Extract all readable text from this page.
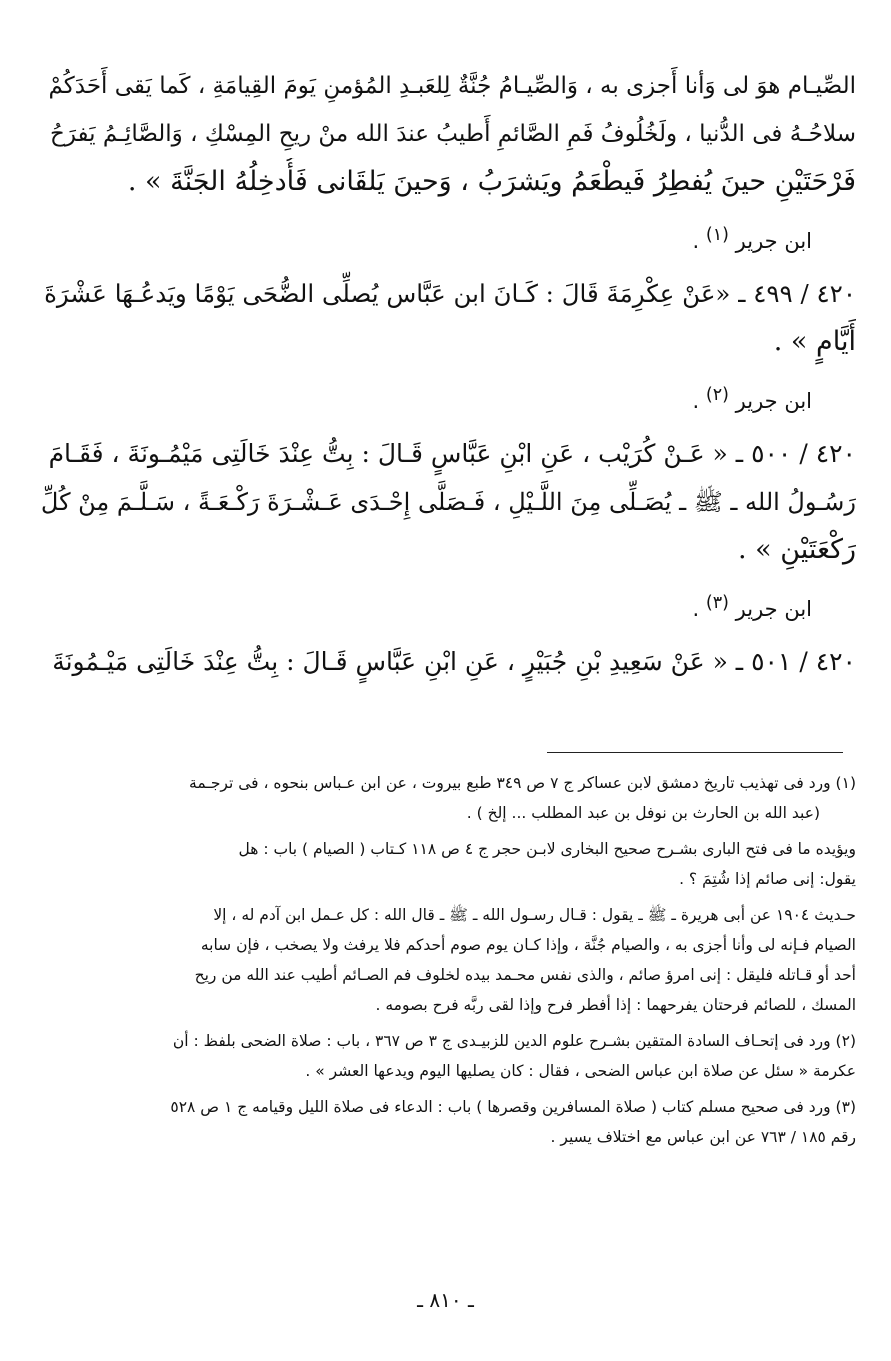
الصِّيـام هوَ لى وَأنا أَجزى به ، وَالصِّيـامُ جُنَّةٌ لِلعَبـدِ المُؤمنِ يَومَ القِيامَةِ ، كَما يَقى أَحَدَكُمْ
سلاحُـهُ فى الدُّنيا ، ولَخُلُوفُ فَمِ الصَّائمِ أَطيبُ عندَ الله منْ ريحِ المِسْكِ ، وَالصَّائِـمُ يَفرَحُ
فَرْحَتَيْنِ حينَ يُفطِرُ فَيطْعَمُ ويَشرَبُ ، وَحينَ يَلقَانى فَأُدخِلُهُ الجَنَّةَ » .
ابن جرير $^{(١)}$ .
٤٢٠ / ٤٩٩ ـ «عَنْ عِكْرِمَةَ قَالَ : كَـانَ ابن عَبَّاس يُصلِّى الضُّحَى يَوْمًا ويَدعُـهَا عَشْرَةَ
أَيَّامٍ » .
ابن جرير $^{(٢)}$ .
٤٢٠ / ٥٠٠ ـ « عَـنْ كُرَيْب ، عَنِ ابْنِ عَبَّاسٍ قَـالَ : بِتُّ عِنْدَ خَالَتِى مَيْمُـونَةَ ، فَقَـامَ
رَسُـولُ الله ـ ﷺ ـ يُصَـلِّى مِنَ اللَّـيْلِ ، فَـصَلَّى إِحْـدَى عَـشْـرَةَ رَكْـعَـةً ، سَـلَّـمَ مِنْ كُلِّ
رَكْعَتَيْنِ » .
ابن جرير $^{(٣)}$ .
٤٢٠ / ٥٠١ ـ « عَنْ سَعِيدِ بْنِ جُبَيْرٍ ، عَنِ ابْنِ عَبَّاسٍ قَـالَ : بِتُّ عِنْدَ خَالَتِى مَيْـمُونَةَ
(١) ورد فى تهذيب تاريخ دمشق لابن عساكر ج ٧ ص ٣٤٩ طبع بيروت ، عن ابن عـباس بنحوه ، فى ترجـمة
(عبد الله بن الحارث بن نوفل بن عبد المطلب ... إلخ ) .
ويؤيده ما فى فتح البارى بشـرح صحيح البخارى لابـن حجر ج ٤ ص ١١٨ كـتاب ( الصيام ) باب : هل
يقول: إنى صائم إذا شُتِمَ ؟ .
حـديث ١٩٠٤ عن أبى هريرة ـ ﷺ ـ يقول : قـال رسـول الله ـ ﷺ ـ قال الله : كل عـمل ابن آدم له ، إلا
الصيام فـإنه لى وأنا أجزى به ، والصيام جُنَّة ، وإذا كـان يوم صوم أحدكم فلا يرفث ولا يصخب ، فإن سابه
أحد أو قـاتله فليقل : إنى امرؤ صائم ، والذى نفس محـمد بيده لخلوف فم الصـائم أطيب عند الله من ريح
المسك ، للصائم فرحتان يفرحهما : إذا أفطر فرح وإذا لقى ربَّه فرح بصومه .
(٢) ورد فى إتحـاف السادة المتقين بشـرح علوم الدين للزبيـدى ج ٣ ص ٣٦٧ ، باب : صلاة الضحى بلفظ : أن
عكرمة « سئل عن صلاة ابن عباس الضحى ، فقال : كان يصليها اليوم ويدعها العشر » .
(٣) ورد فى صحيح مسلم كتاب ( صلاة المسافرين وقصرها ) باب : الدعاء فى صلاة الليل وقيامه ج ١ ص ٥٢٨
رقم ١٨٥ / ٧٦٣ عن ابن عباس مع اختلاف يسير .
ـ ٨١٠ ـ
